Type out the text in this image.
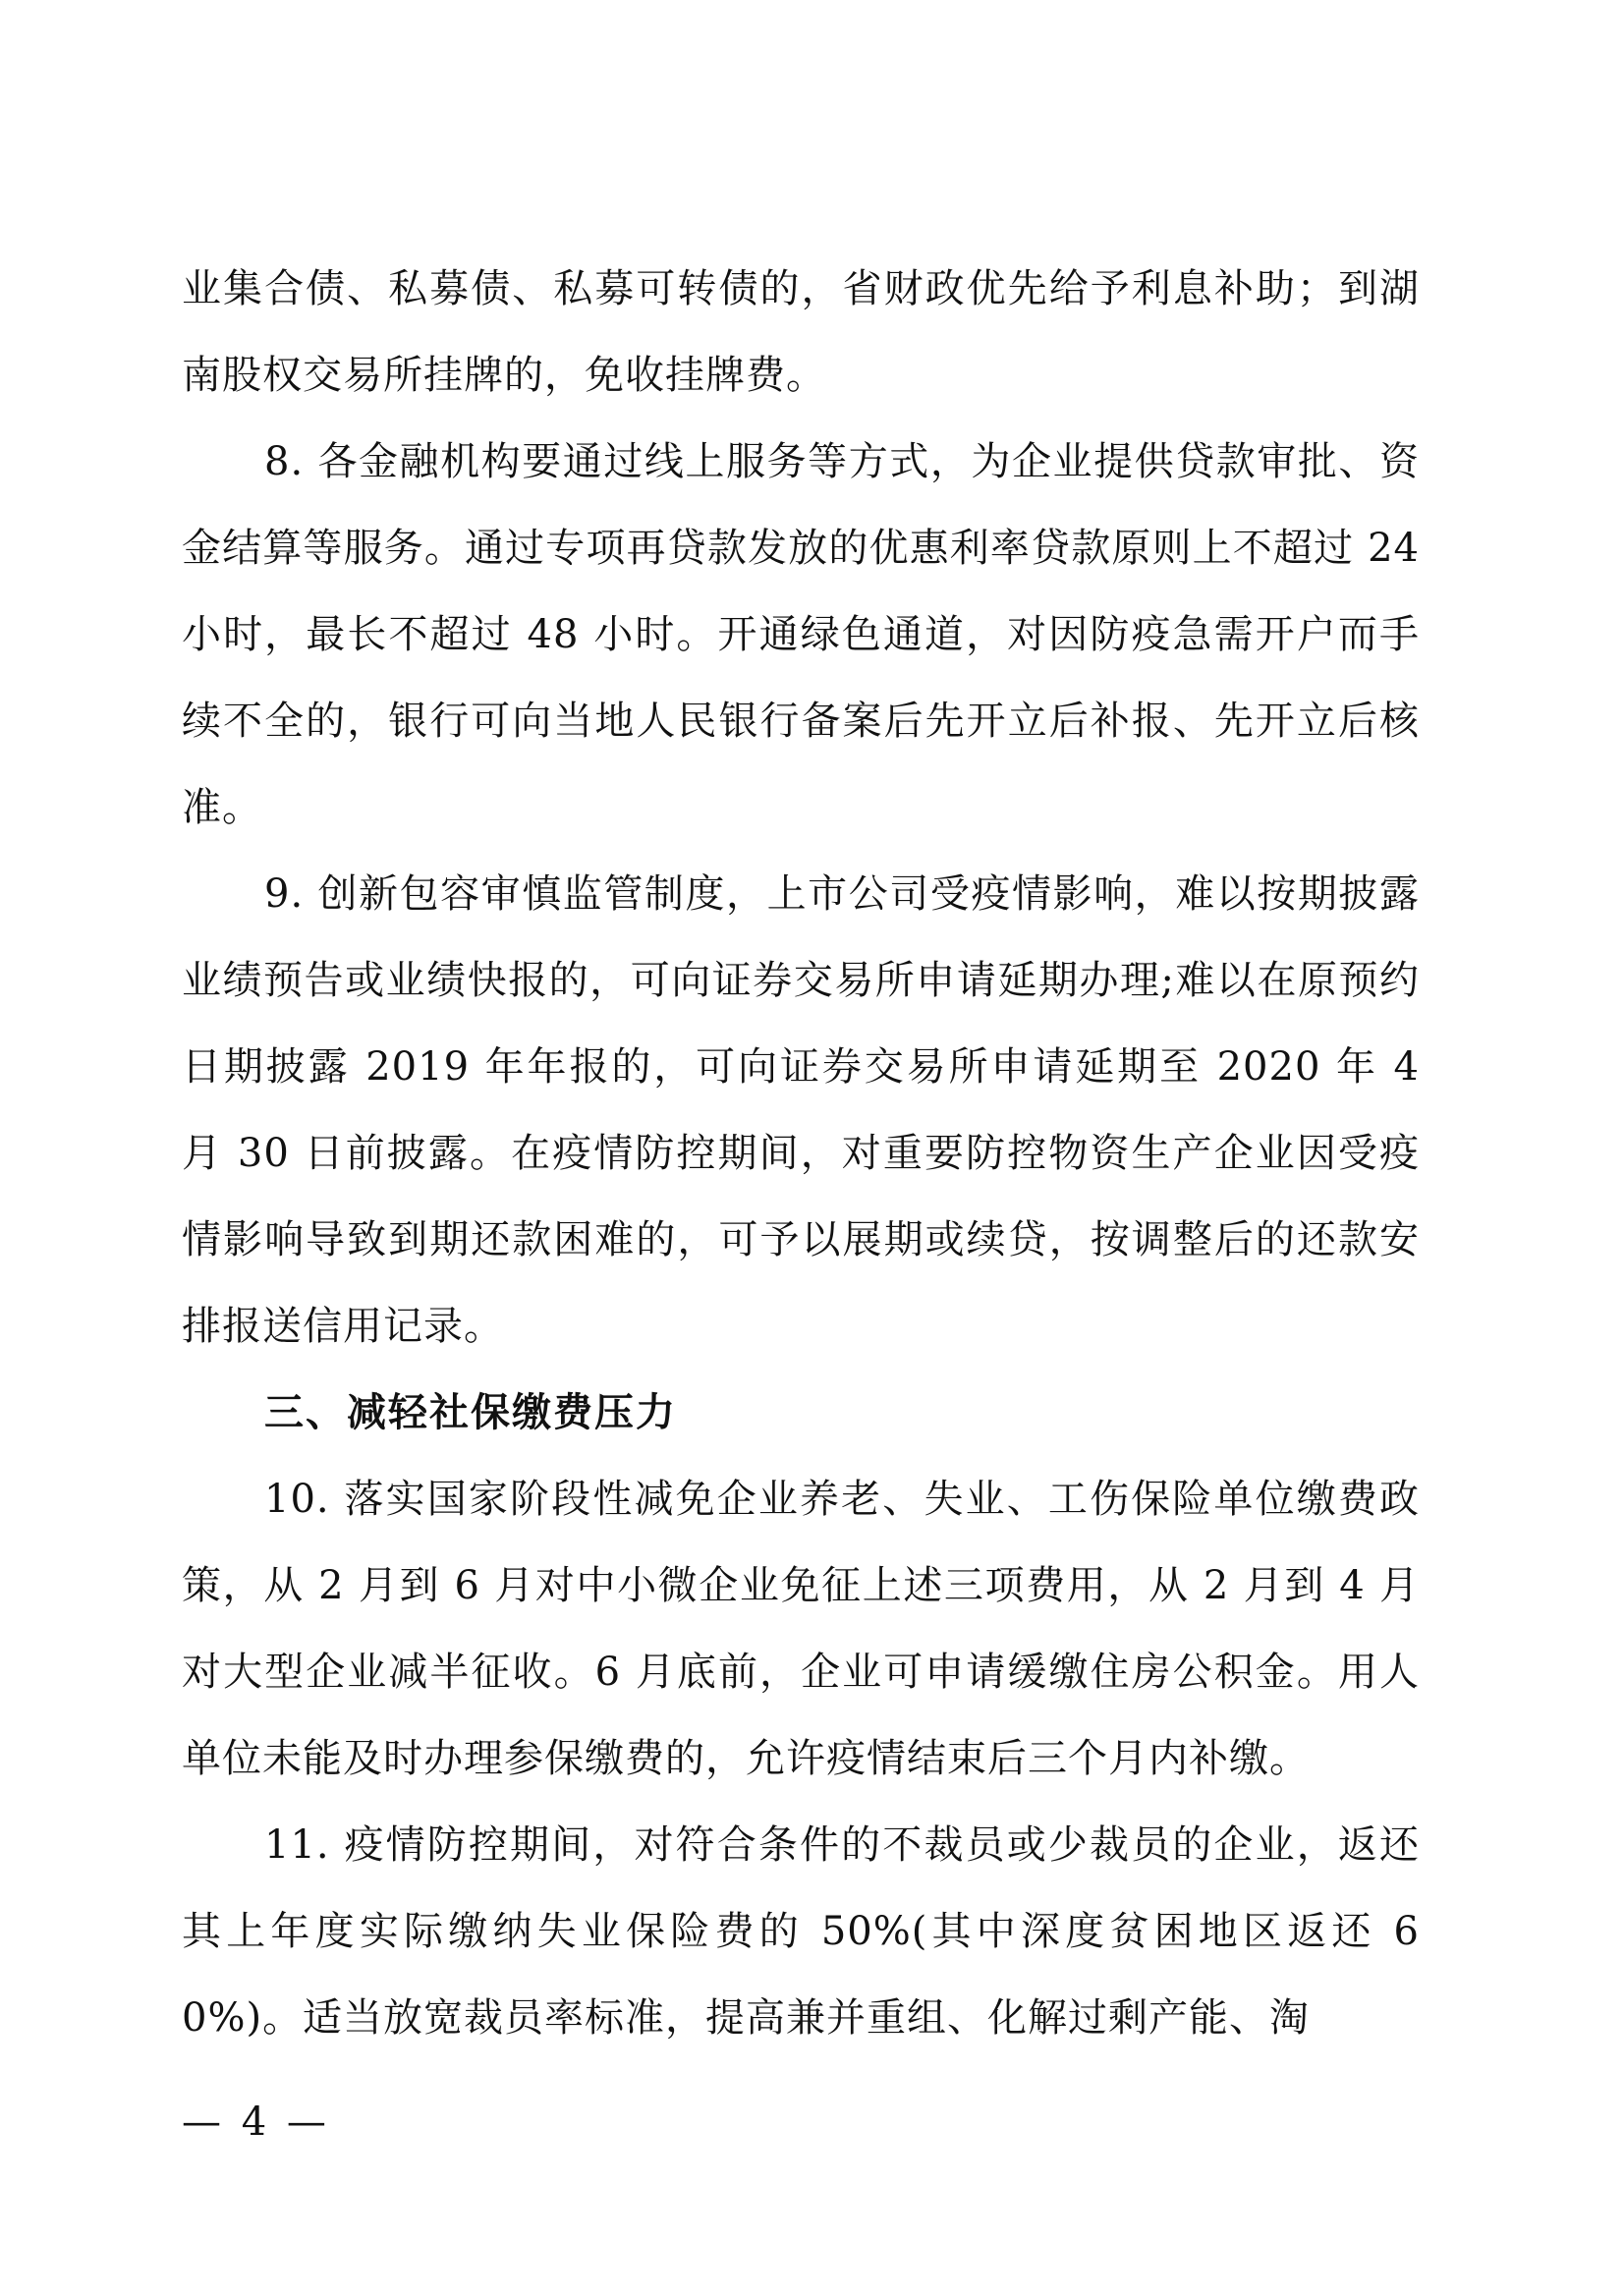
业集合债、私募债、私募可转债的，省财政优先给予利息补助；到湖南股权交易所挂牌的，免收挂牌费。

8. 各金融机构要通过线上服务等方式，为企业提供贷款审批、资金结算等服务。通过专项再贷款发放的优惠利率贷款原则上不超过 24 小时，最长不超过 48 小时。开通绿色通道，对因防疫急需开户而手续不全的，银行可向当地人民银行备案后先开立后补报、先开立后核准。

9. 创新包容审慎监管制度，上市公司受疫情影响，难以按期披露业绩预告或业绩快报的，可向证券交易所申请延期办理;难以在原预约日期披露 2019 年年报的，可向证券交易所申请延期至 2020 年 4 月 30 日前披露。在疫情防控期间，对重要防控物资生产企业因受疫情影响导致到期还款困难的，可予以展期或续贷，按调整后的还款安排报送信用记录。

三、减轻社保缴费压力

10. 落实国家阶段性减免企业养老、失业、工伤保险单位缴费政策，从 2 月到 6 月对中小微企业免征上述三项费用，从 2 月到 4 月对大型企业减半征收。6 月底前，企业可申请缓缴住房公积金。用人单位未能及时办理参保缴费的，允许疫情结束后三个月内补缴。

11. 疫情防控期间，对符合条件的不裁员或少裁员的企业，返还其上年度实际缴纳失业保险费的 50%(其中深度贫困地区返还 60%)。适当放宽裁员率标准，提高兼并重组、化解过剩产能、淘

— 4 —
